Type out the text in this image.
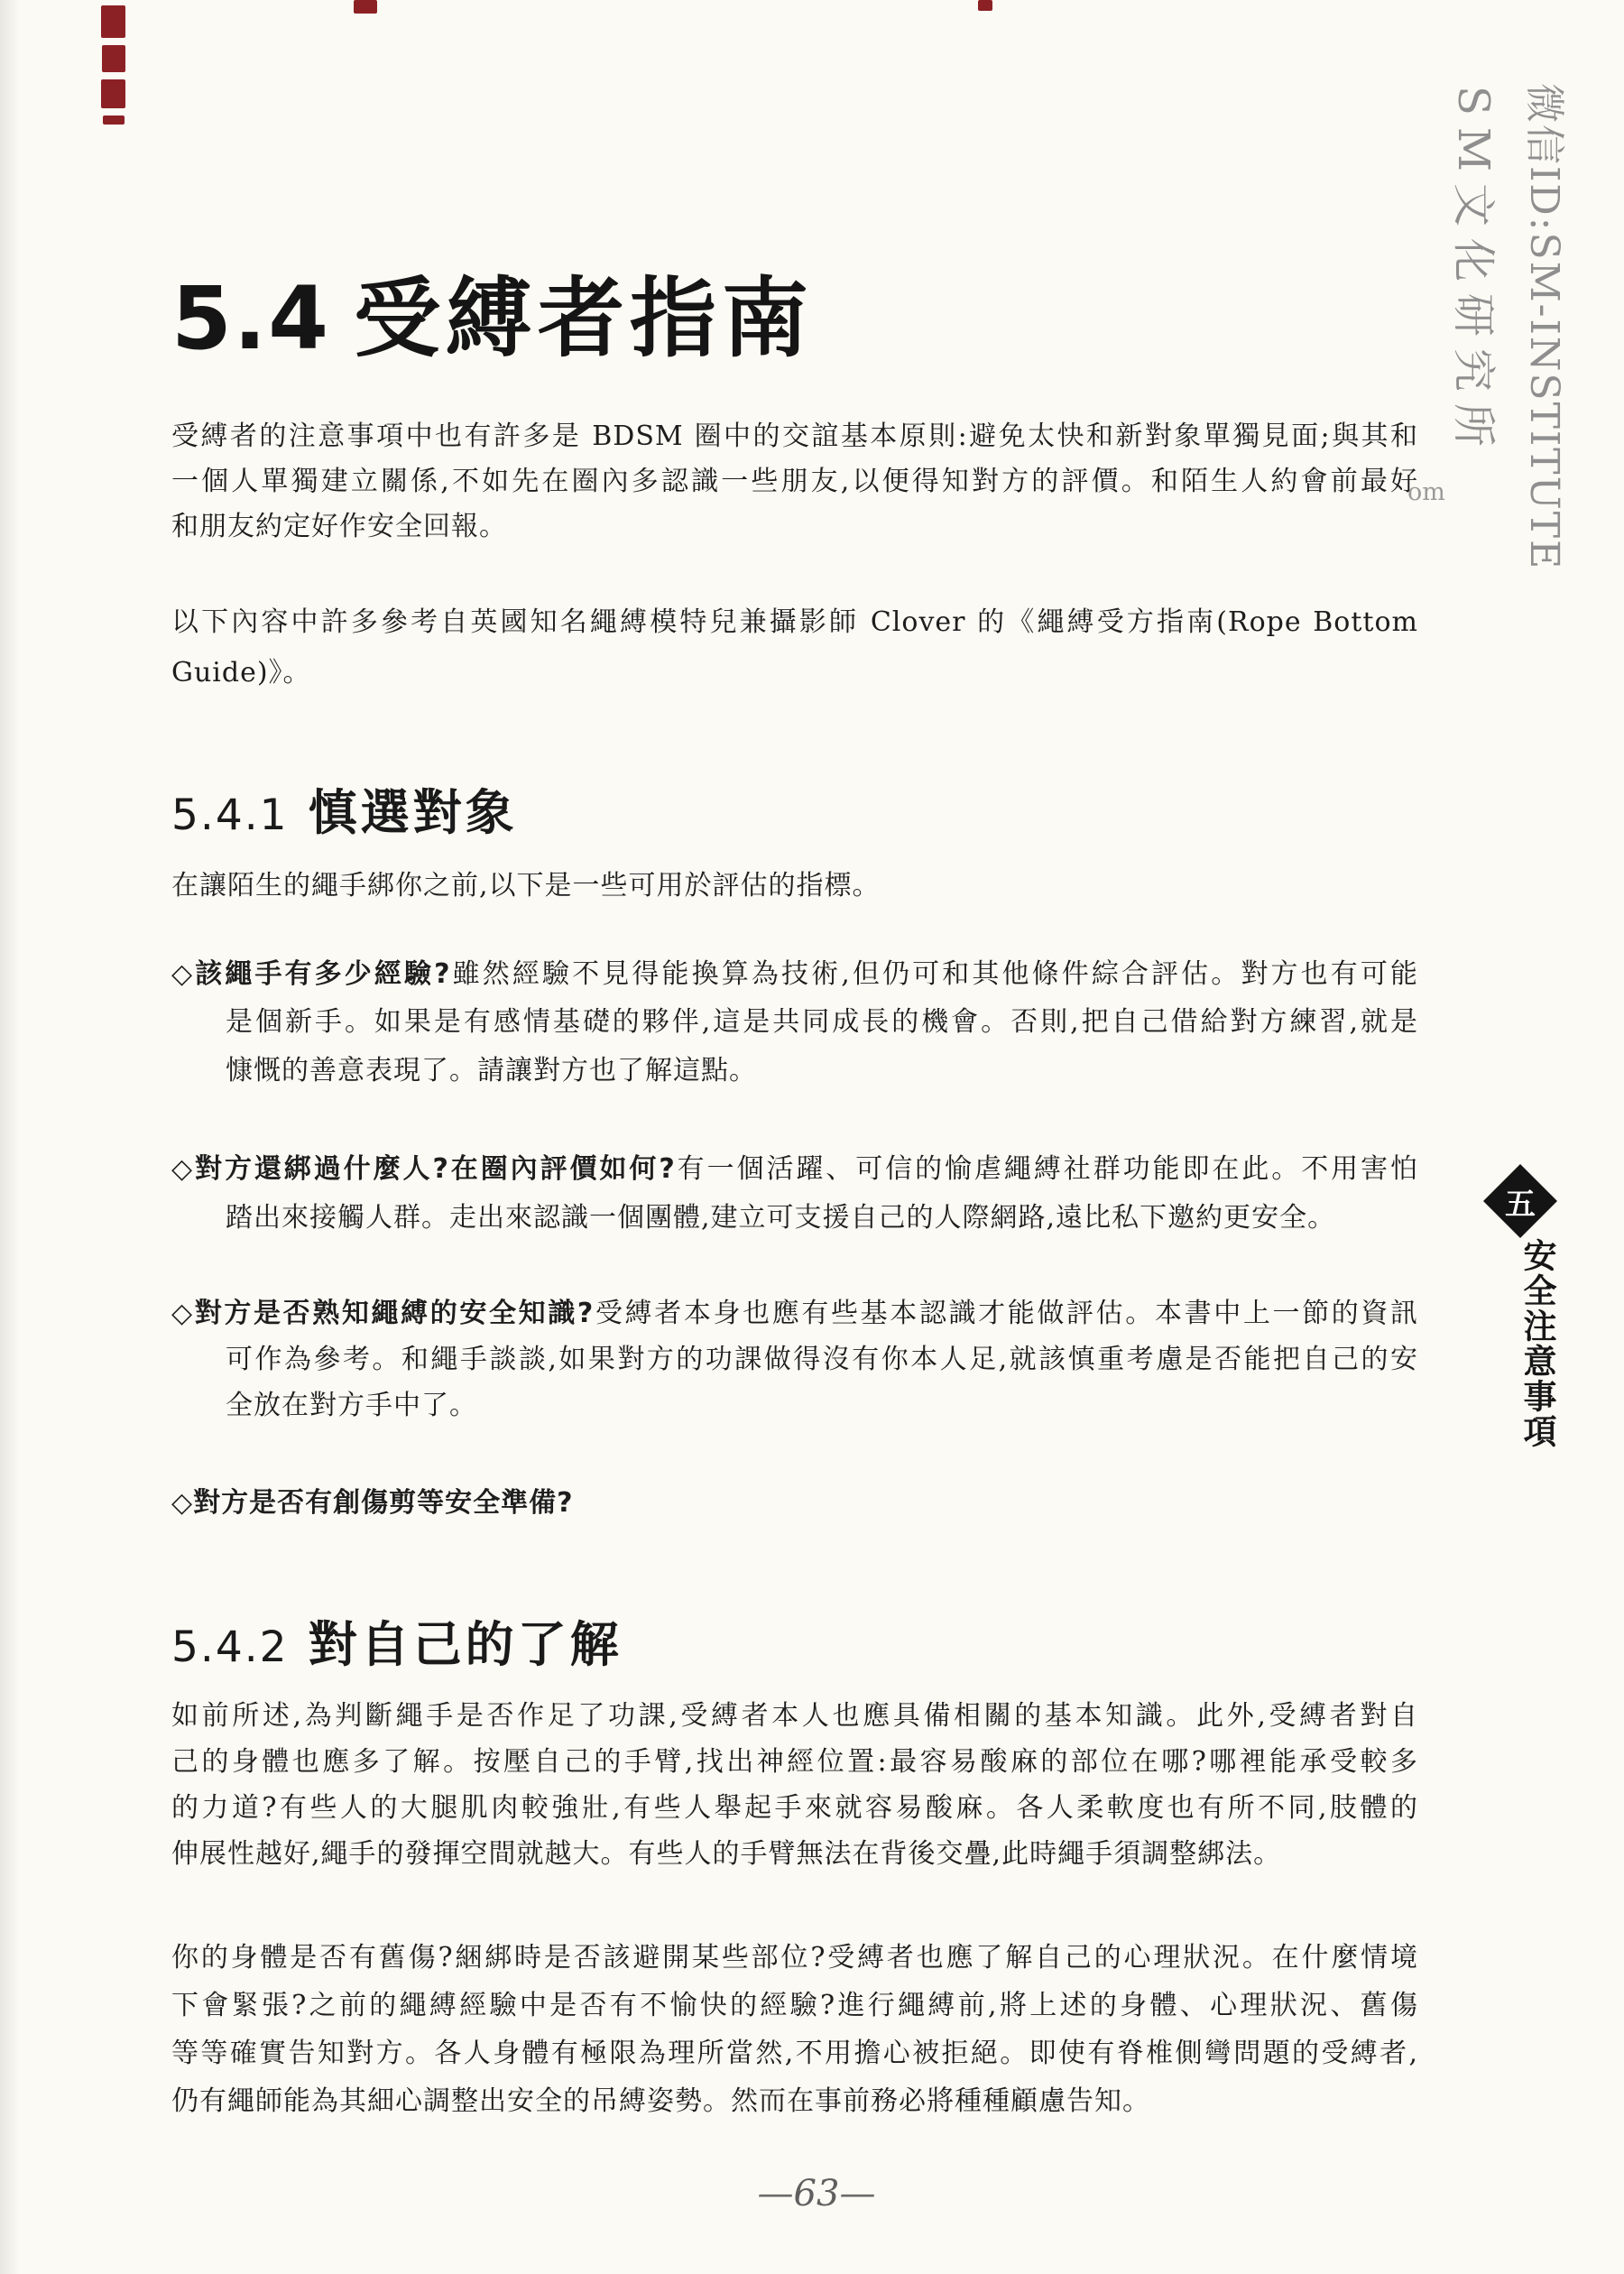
5.4 受縛者指南
受縛者的注意事項中也有許多是 BDSM 圈中的交誼基本原則:避免太快和新對象單獨見面;與其和
一個人單獨建立關係,不如先在圈內多認識一些朋友,以便得知對方的評價。和陌生人約會前最好
和朋友約定好作安全回報。
以下內容中許多參考自英國知名繩縛模特兒兼攝影師 Clover 的《繩縛受方指南(Rope Bottom
Guide)》。
5.4.1 慎選對象
在讓陌生的繩手綁你之前,以下是一些可用於評估的指標。
◇該繩手有多少經驗?雖然經驗不見得能換算為技術,但仍可和其他條件綜合評估。對方也有可能
是個新手。如果是有感情基礎的夥伴,這是共同成長的機會。否則,把自己借給對方練習,就是
慷慨的善意表現了。請讓對方也了解這點。
◇對方還綁過什麼人?在圈內評價如何?有一個活躍、可信的愉虐繩縛社群功能即在此。不用害怕
踏出來接觸人群。走出來認識一個團體,建立可支援自己的人際網路,遠比私下邀約更安全。
◇對方是否熟知繩縛的安全知識?受縛者本身也應有些基本認識才能做評估。本書中上一節的資訊
可作為參考。和繩手談談,如果對方的功課做得沒有你本人足,就該慎重考慮是否能把自己的安
全放在對方手中了。
◇對方是否有創傷剪等安全準備?
5.4.2 對自己的了解
如前所述,為判斷繩手是否作足了功課,受縛者本人也應具備相關的基本知識。此外,受縛者對自
己的身體也應多了解。按壓自己的手臂,找出神經位置:最容易酸麻的部位在哪?哪裡能承受較多
的力道?有些人的大腿肌肉較強壯,有些人舉起手來就容易酸麻。各人柔軟度也有所不同,肢體的
伸展性越好,繩手的發揮空間就越大。有些人的手臂無法在背後交疊,此時繩手須調整綁法。
你的身體是否有舊傷?綑綁時是否該避開某些部位?受縛者也應了解自己的心理狀況。在什麼情境
下會緊張?之前的繩縛經驗中是否有不愉快的經驗?進行繩縛前,將上述的身體、心理狀況、舊傷
等等確實告知對方。各人身體有極限為理所當然,不用擔心被拒絕。即使有脊椎側彎問題的受縛者,
仍有繩師能為其細心調整出安全的吊縛姿勢。然而在事前務必將種種顧慮告知。
—63—
微信ID:SM-INSTITUTE
SM文化研究所
om
五
安全注意事項
